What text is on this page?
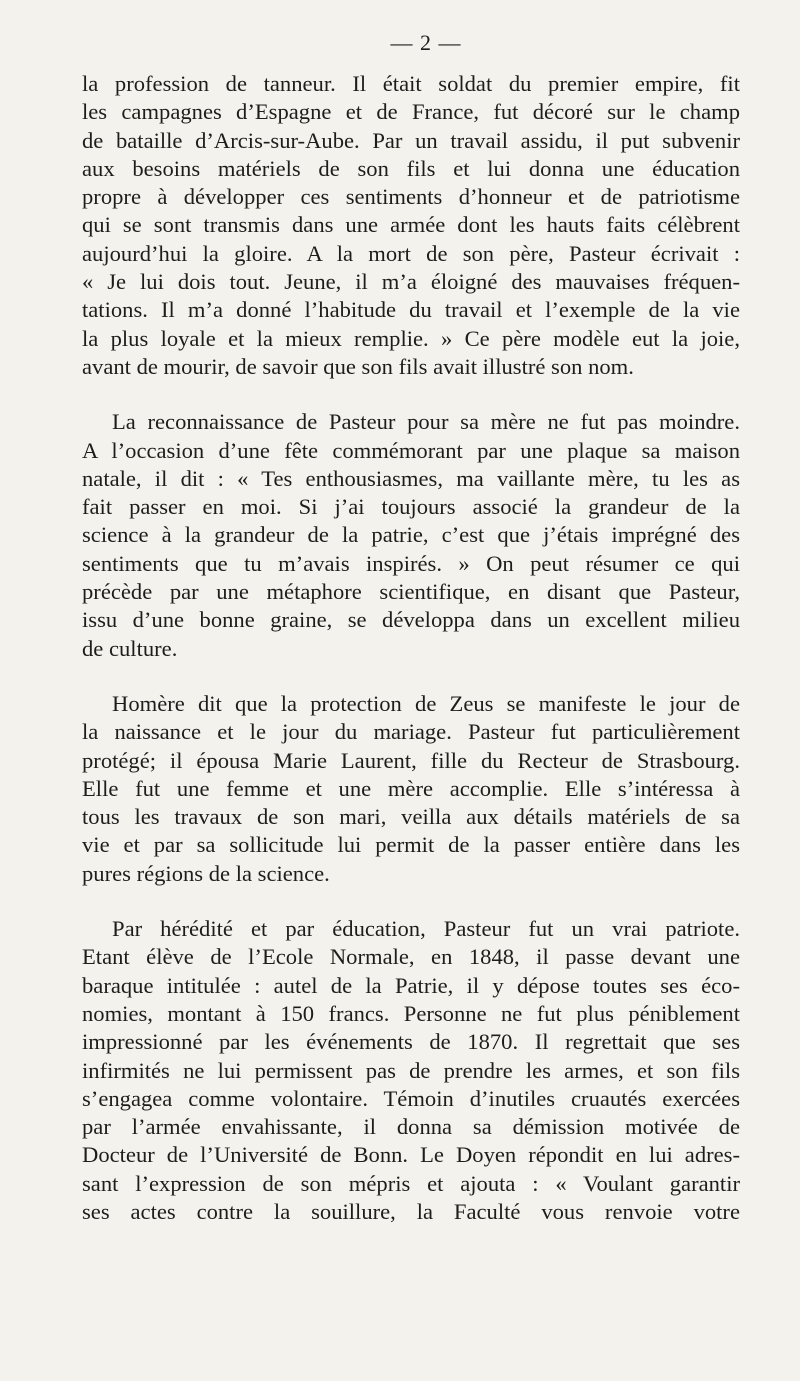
— 2 —
la profession de tanneur. Il était soldat du premier empire, fit
les campagnes d’Espagne et de France, fut décoré sur le champ
de bataille d’Arcis-sur-Aube. Par un travail assidu, il put subvenir
aux besoins matériels de son fils et lui donna une éducation
propre à développer ces sentiments d’honneur et de patriotisme
qui se sont transmis dans une armée dont les hauts faits célèbrent
aujourd’hui la gloire. A la mort de son père, Pasteur écrivait :
« Je lui dois tout. Jeune, il m’a éloigné des mauvaises fréquen-
tations. Il m’a donné l’habitude du travail et l’exemple de la vie
la plus loyale et la mieux remplie. » Ce père modèle eut la joie,
avant de mourir, de savoir que son fils avait illustré son nom.
La reconnaissance de Pasteur pour sa mère ne fut pas moindre.
A l’occasion d’une fête commémorant par une plaque sa maison
natale, il dit : « Tes enthousiasmes, ma vaillante mère, tu les as
fait passer en moi. Si j’ai toujours associé la grandeur de la
science à la grandeur de la patrie, c’est que j’étais imprégné des
sentiments que tu m’avais inspirés. » On peut résumer ce qui
précède par une métaphore scientifique, en disant que Pasteur,
issu d’une bonne graine, se développa dans un excellent milieu
de culture.
Homère dit que la protection de Zeus se manifeste le jour de
la naissance et le jour du mariage. Pasteur fut particulièrement
protégé; il épousa Marie Laurent, fille du Recteur de Strasbourg.
Elle fut une femme et une mère accomplie. Elle s’intéressa à
tous les travaux de son mari, veilla aux détails matériels de sa
vie et par sa sollicitude lui permit de la passer entière dans les
pures régions de la science.
Par hérédité et par éducation, Pasteur fut un vrai patriote.
Etant élève de l’Ecole Normale, en 1848, il passe devant une
baraque intitulée : autel de la Patrie, il y dépose toutes ses éco-
nomies, montant à 150 francs. Personne ne fut plus péniblement
impressionné par les événements de 1870. Il regrettait que ses
infirmités ne lui permissent pas de prendre les armes, et son fils
s’engagea comme volontaire. Témoin d’inutiles cruautés exercées
par l’armée envahissante, il donna sa démission motivée de
Docteur de l’Université de Bonn. Le Doyen répondit en lui adres-
sant l’expression de son mépris et ajouta : « Voulant garantir
ses actes contre la souillure, la Faculté vous renvoie votre
